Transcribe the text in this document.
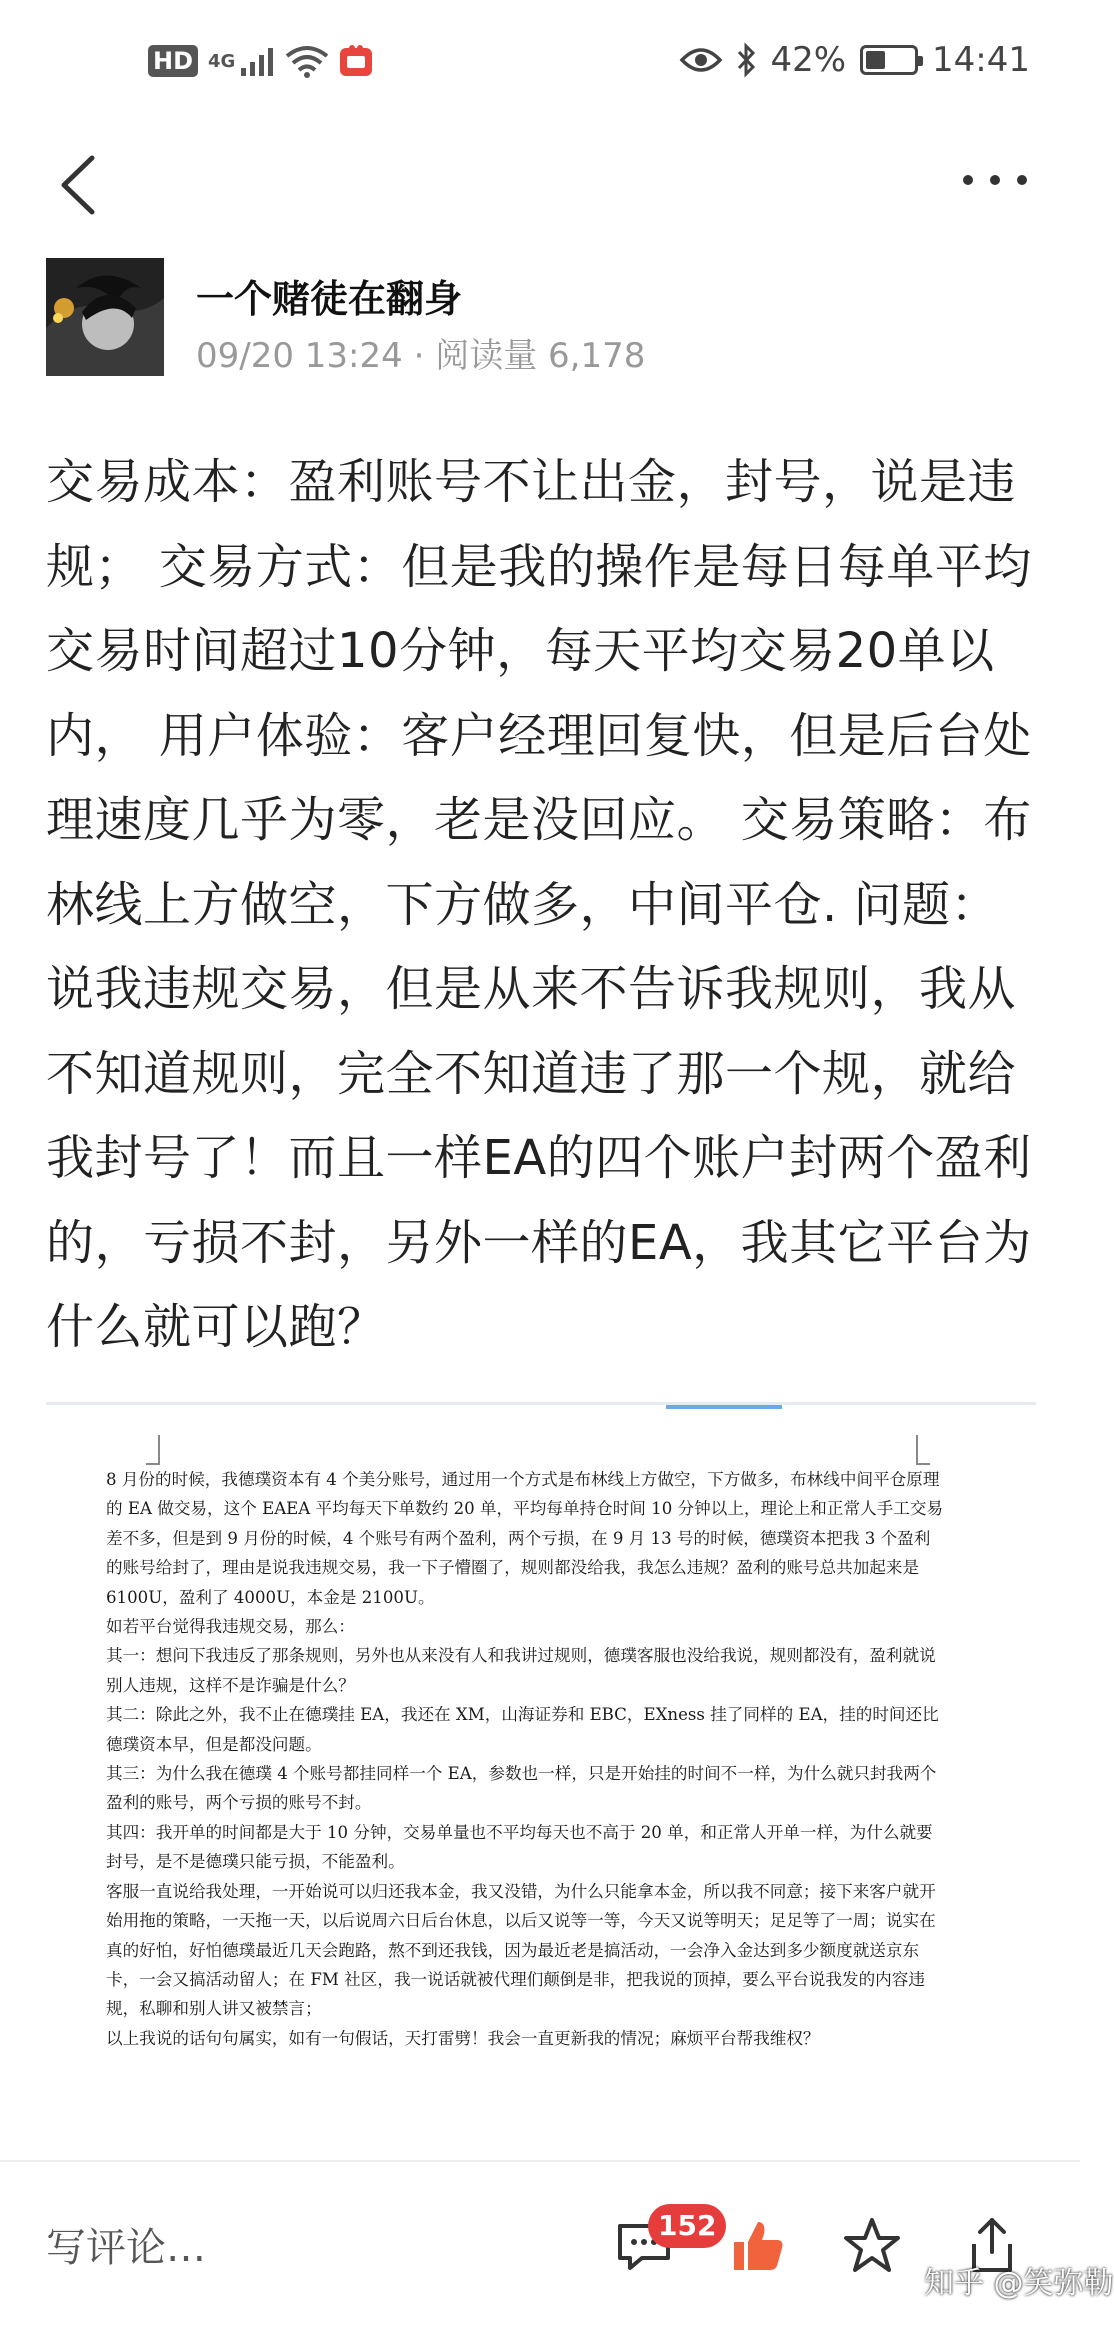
HD 4G	42%	14:41
一个赌徒在翻身
09/20 13:24 · 阅读量 6,178
交易成本：盈利账号不让出金，封号，说是违规； 交易方式：但是我的操作是每日每单平均交易时间超过10分钟，每天平均交易20单以内， 用户体验：客户经理回复快，但是后台处理速度几乎为零，老是没回应。 交易策略：布林线上方做空，下方做多，中间平仓. 问题：说我违规交易，但是从来不告诉我规则，我从不知道规则，完全不知道违了那一个规，就给我封号了！而且一样EA的四个账户封两个盈利的，亏损不封，另外一样的EA，我其它平台为什么就可以跑？

8 月份的时候，我德璞资本有 4 个美分账号，通过用一个方式是布林线上方做空，下方做多，布林线中间平仓原理的 EA 做交易，这个 EAEA 平均每天下单数约 20 单，平均每单持仓时间 10 分钟以上，理论上和正常人手工交易差不多，但是到 9 月份的时候，4 个账号有两个盈利，两个亏损，在 9 月 13 号的时候，德璞资本把我 3 个盈利的账号给封了，理由是说我违规交易，我一下子懵圈了，规则都没给我，我怎么违规？盈利的账号总共加起来是 6100U，盈利了 4000U，本金是 2100U。

如若平台觉得我违规交易，那么：

其一：想问下我违反了那条规则，另外也从来没有人和我讲过规则，德璞客服也没给我说，规则都没有，盈利就说别人违规，这样不是诈骗是什么？

其二：除此之外，我不止在德璞挂 EA，我还在 XM，山海证券和 EBC，EXness 挂了同样的 EA，挂的时间还比德璞资本早，但是都没问题。

其三：为什么我在德璞 4 个账号都挂同样一个 EA，参数也一样，只是开始挂的时间不一样，为什么就只封我两个盈利的账号，两个亏损的账号不封。

其四：我开单的时间都是大于 10 分钟，交易单量也不平均每天也不高于 20 单，和正常人开单一样，为什么就要封号，是不是德璞只能亏损，不能盈利。

客服一直说给我处理，一开始说可以归还我本金，我又没错，为什么只能拿本金，所以我不同意；接下来客户就开始用拖的策略，一天拖一天，以后说周六日后台休息，以后又说等一等，今天又说等明天；足足等了一周；说实在真的好怕，好怕德璞最近几天会跑路，熬不到还我钱，因为最近老是搞活动，一会净入金达到多少额度就送京东卡，一会又搞活动留人；在 FM 社区，我一说话就被代理们颠倒是非，把我说的顶掉，要么平台说我发的内容违规，私聊和别人讲又被禁言；

以上我说的话句句属实，如有一句假话，天打雷劈！我会一直更新我的情况；麻烦平台帮我维权？

写评论…	152
知乎 @笑弥勒
